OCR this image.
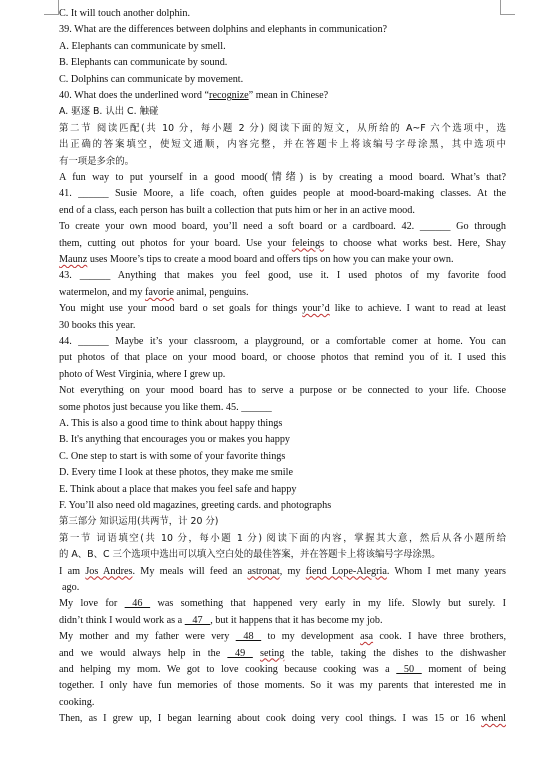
C. It will touch another dolphin.
39. What are the differences between dolphins and elephants in communication?
A. Elephants can communicate by smell.
B. Elephants can communicate by sound.
C. Dolphins can communicate by movement.
40. What does the underlined word “recognize” mean in Chinese?
A. 驱逐 B. 认出 C. 触碰
第二节 阅读匹配(共 10 分，每小题 2 分) 阅读下面的短文，从所给的 A~F 六个选项中，选
出正确的答案填空，使短文通顺，内容完整，并在答题卡上将该编号字母涂黑，其中选项中
有一项是多余的。
A fun way to put yourself in a good mood(情绪) is by creating a mood board. What’s that?
41. ______ Susie Moore, a life coach, often guides people at mood-board-making classes. At the
end of a class, each person has built a collection that puts him or her in an active mood.
To create your own mood board, you’ll need a soft board or a cardboard. 42. ______ Go through
them, cutting out photos for your board. Use your feleings to choose what works best. Here, Shay
Maunz uses Moore’s tips to create a mood board and offers tips on how you can make your own.
43. ______ Anything that makes you feel good, use it. I used photos of my favorite food
watermelon, and my favorie animal, penguins.
You might use your mood bard o set goals for things your’d like to achieve. I want to read at least
30 books this year.
44. ______ Maybe it’s your classroom, a playground, or a comfortable comer at home. You can
put photos of that place on your mood board, or choose photos that remind you of it. I used this
photo of West Virginia, where I grew up.
Not everything on your mood board has to serve a purpose or be connected to your life. Choose
some photos just because you like them. 45. ______
A. This is also a good time to think about happy things
B. It's anything that encourages you or makes you happy
C. One step to start is with some of your favorite things
D. Every time I look at these photos, they make me smile
E. Think about a place that makes you feel safe and happy
F. You’ll also need old magazines, greeting cards. and photographs
第三部分 知识运用(共两节，计 20 分)
第一节 词语填空(共 10 分，每小题 1 分) 阅读下面的内容，掌握其大意，然后从各小题所给
的 A、B、C 三个选项中选出可以填入空白处的最佳答案，并在答题卡上将该编号字母涂黑。
I am Jos Andres. My meals will feed an astronat, my fiend Lope-Alegria. Whom I met many years
ago.
My love for    46    was something that happened very early in my life. Slowly but surely. I
didn’t think I would work as a    47   , but it happens that it has become my job.
My mother and my father were very    48    to my development asa cook. I have three brothers,
and we would always help in the    49    seting the table, taking the dishes to the dishwasher
and helping my mom. We got to love cooking because cooking was a    50    moment of being
together. I only have fun memories of those moments. So it was my parents that interested me in
cooking.
Then, as I grew up, I began learning about cook doing very cool things. I was 15 or 16 whenl
